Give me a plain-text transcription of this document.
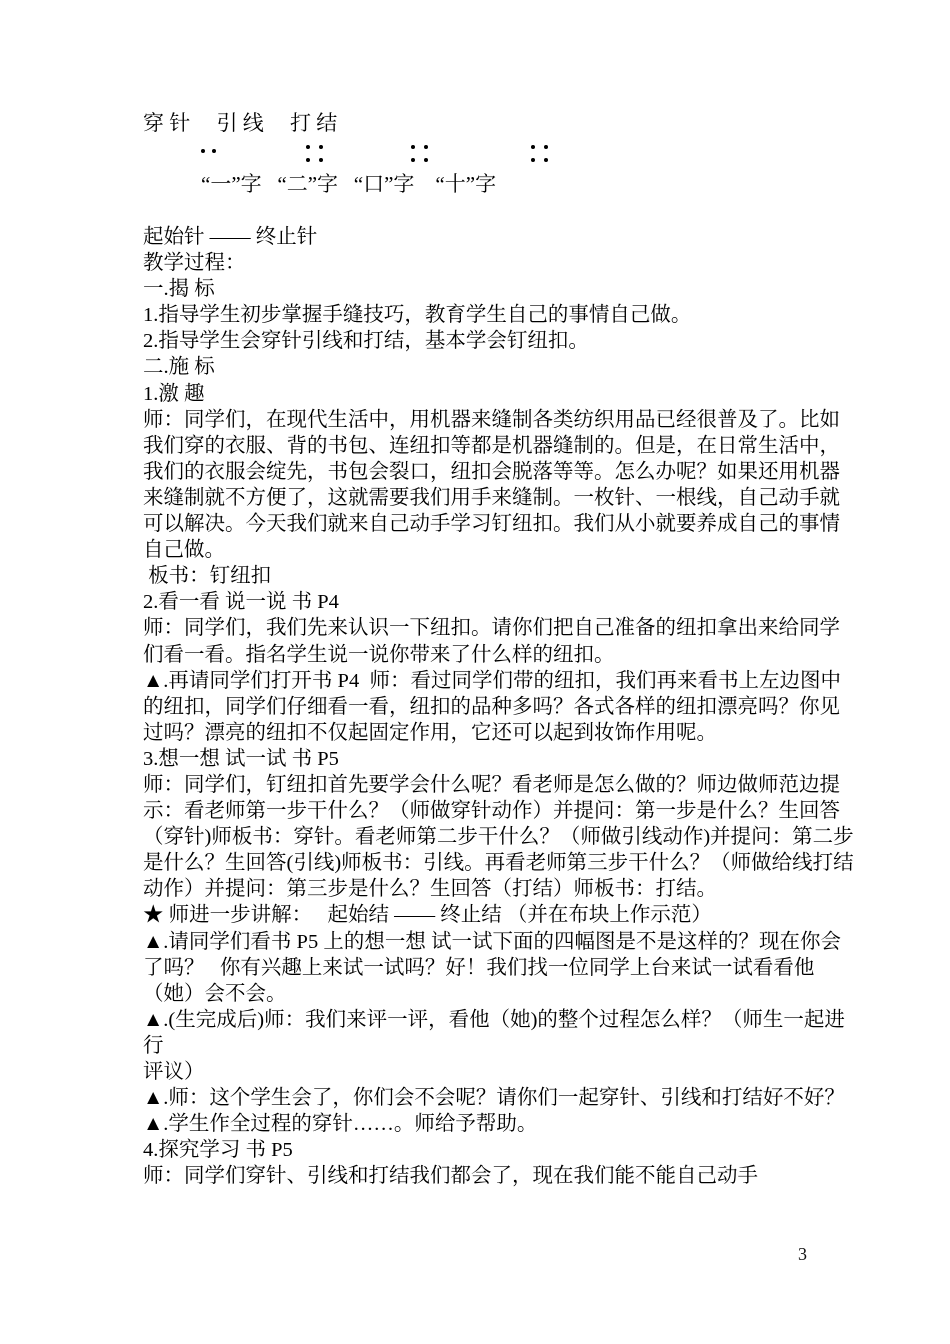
穿 针     引 线     打 结

“一”字   “二”字   “口”字    “十”字
起始针 —— 终止针
教学过程：
一.揭 标
1.指导学生初步掌握手缝技巧，教育学生自己的事情自己做。
2.指导学生会穿针引线和打结，基本学会钉纽扣。
二.施 标
1.激 趣
师：同学们，在现代生活中，用机器来缝制各类纺织用品已经很普及了。比如我们穿的衣服、背的书包、连纽扣等都是机器缝制的。但是，在日常生活中，我们的衣服会绽先，书包会裂口，纽扣会脱落等等。怎么办呢？如果还用机器来缝制就不方便了，这就需要我们用手来缝制。一枚针、一根线，自己动手就可以解决。今天我们就来自己动手学习钉纽扣。我们从小就要养成自己的事情自己做。
板书：钉纽扣
2.看一看 说一说 书 P4
师：同学们，我们先来认识一下纽扣。请你们把自己准备的纽扣拿出来给同学们看一看。指名学生说一说你带来了什么样的纽扣。
▲.再请同学们打开书 P4  师：看过同学们带的纽扣，我们再来看书上左边图中的纽扣，同学们仔细看一看，纽扣的品种多吗？各式各样的纽扣漂亮吗？你见过吗？漂亮的纽扣不仅起固定作用，它还可以起到妆饰作用呢。
3.想一想 试一试 书 P5
师：同学们，钉纽扣首先要学会什么呢？看老师是怎么做的？师边做师范边提示：看老师第一步干什么？（师做穿针动作）并提问：第一步是什么？生回答（穿针)师板书：穿针。看老师第二步干什么？（师做引线动作)并提问：第二步是什么？生回答(引线)师板书：引线。再看老师第三步干什么？（师做给线打结动作）并提问：第三步是什么？生回答（打结）师板书：打结。
★ 师进一步讲解：   起始结 —— 终止结 （并在布块上作示范）
▲.请同学们看书 P5 上的想一想 试一试下面的四幅图是不是这样的？现在你会了吗？   你有兴趣上来试一试吗？好！我们找一位同学上台来试一试看看他（她）会不会。
▲.(生完成后)师：我们来评一评，看他（她)的整个过程怎么样？（师生一起进行
评议）
▲.师：这个学生会了，你们会不会呢？请你们一起穿针、引线和打结好不好？
▲.学生作全过程的穿针……。师给予帮助。
4.探究学习 书 P5
师：同学们穿针、引线和打结我们都会了，现在我们能不能自己动手
3
